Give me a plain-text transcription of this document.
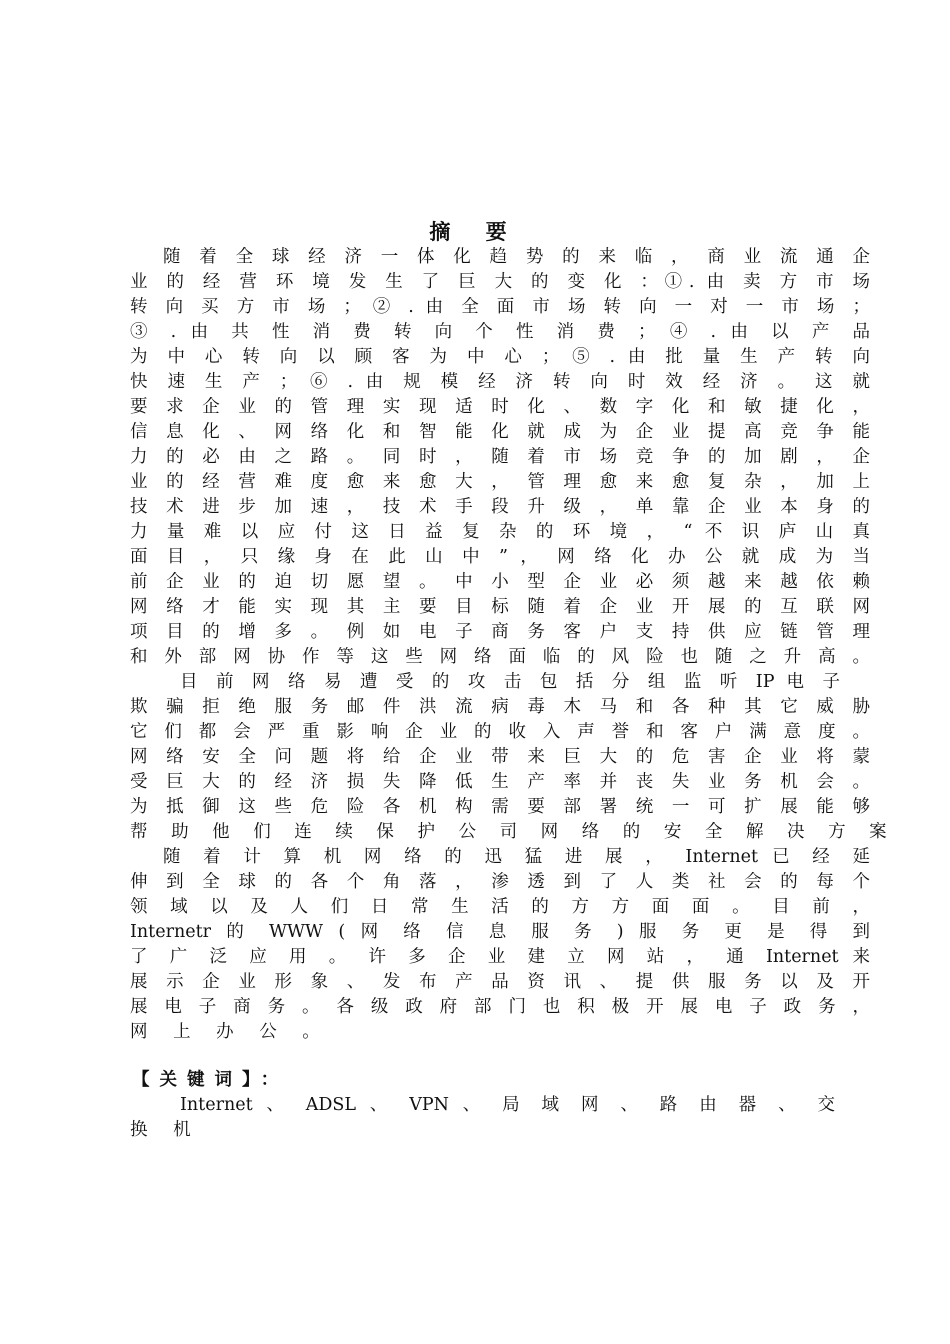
摘 要
随 着 全 球 经 济 一 体 化 趋 势 的 来 临 ， 商 业 流 通 企
业 的 经 营 环 境 发 生 了 巨 大 的 变 化 ：①. 由 卖 方 市 场
转 向 买 方 市 场 ； ② . 由 全 面 市 场 转 向 一 对 一 市 场 ；
③ . 由 共 性 消 费 转 向 个 性 消 费 ； ④ . 由 以 产 品
为 中 心 转 向 以 顾 客 为 中 心 ； ⑤ . 由 批 量 生 产 转 向
快 速 生 产 ； ⑥ . 由 规 模 经 济 转 向 时 效 经 济 。 这 就
要 求 企 业 的 管 理 实 现 适 时 化 、 数 字 化 和 敏 捷 化 ，
信 息 化 、 网 络 化 和 智 能 化 就 成 为 企 业 提 高 竞 争 能
力 的 必 由 之 路 。 同 时 ， 随 着 市 场 竞 争 的 加 剧 ， 企
业 的 经 营 难 度 愈 来 愈 大 ， 管 理 愈 来 愈 复 杂 ， 加 上
技 术 进 步 加 速 ， 技 术 手 段 升 级 ， 单 靠 企 业 本 身 的
力 量 难 以 应 付 这 日 益 复 杂 的 环 境 ， “ 不 识 庐 山 真
面 目 ， 只 缘 身 在 此 山 中 ” ， 网 络 化 办 公 就 成 为 当
前 企 业 的 迫 切 愿 望 。 中 小 型 企 业 必 须 越 来 越 依 赖
网 络 才 能 实 现 其 主 要 目 标 随 着 企 业 开 展 的 互 联 网
项 目 的 增 多 。 例 如 电 子 商 务 客 户 支 持 供 应 链 管 理
和 外 部 网 协 作 等 这 些 网 络 面 临 的 风 险 也 随 之 升 高 。
目 前 网 络 易 遭 受 的 攻 击 包 括 分 组 监 听 IP 电 子
欺 骗 拒 绝 服 务 邮 件 洪 流 病 毒 木 马 和 各 种 其 它 威 胁
它 们 都 会 严 重 影 响 企 业 的 收 入 声 誉 和 客 户 满 意 度 。
网 络 安 全 问 题 将 给 企 业 带 来 巨 大 的 危 害 企 业 将 蒙
受 巨 大 的 经 济 损 失 降 低 生 产 率 并 丧 失 业 务 机 会 。
为 抵 御 这 些 危 险 各 机 构 需 要 部 署 统 一 可 扩 展 能 够
帮 助 他 们 连 续 保 护 公 司 网 络 的 安 全 解 决 方 案
随 着 计 算 机 网 络 的 迅 猛 进 展 ， Internet 已 经 延
伸 到 全 球 的 各 个 角 落 ， 渗 透 到 了 人 类 社 会 的 每 个
领 域 以 及 人 们 日 常 生 活 的 方 方 面 面 。 目 前 ，
Internetr 的 WWW ( 网 络 信 息 服 务 ) 服 务 更 是 得 到
了 广 泛 应 用 。 许 多 企 业 建 立 网 站 ， 通 Internet 来
展 示 企 业 形 象 、 发 布 产 品 资 讯 、 提 供 服 务 以 及 开
展 电 子 商 务 。 各 级 政 府 部 门 也 积 极 开 展 电 子 政 务 ，
网 上 办 公 。
【关键词】：
Internet 、 ADSL 、 VPN 、 局 域 网 、 路 由 器 、 交
换 机
